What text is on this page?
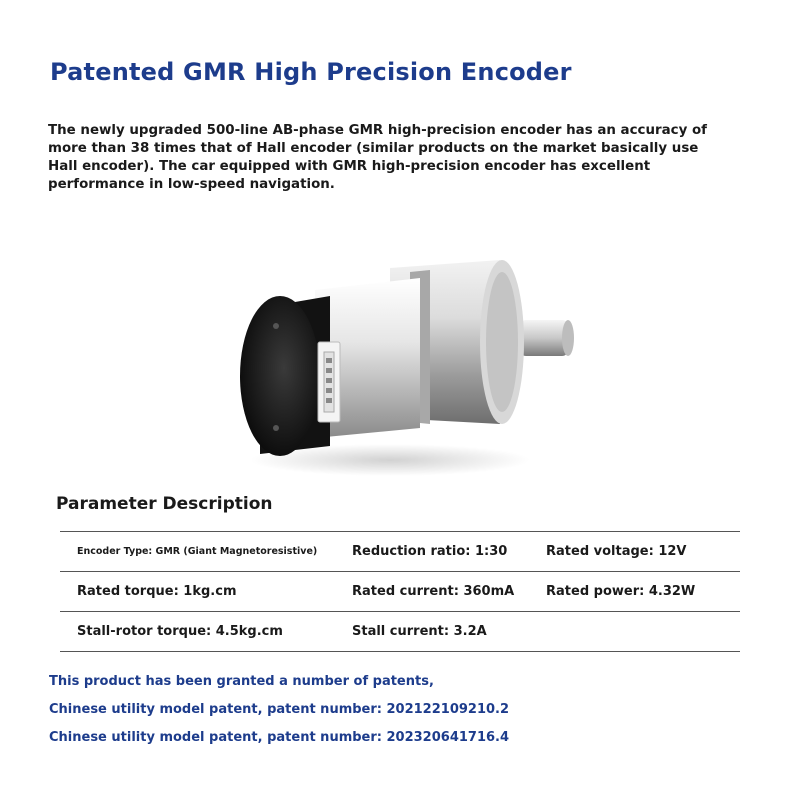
Patented GMR High Precision Encoder
The newly upgraded 500-line AB-phase GMR high-precision encoder has an accuracy of more than 38 times that of Hall encoder (similar products on the market basically use Hall encoder). The car equipped with GMR high-precision encoder has excellent performance in low-speed navigation.
Parameter Description
Encoder Type: GMR (Giant Magnetoresistive)	Reduction ratio: 1:30	Rated voltage: 12V
Rated torque: 1kg.cm	Rated current: 360mA	Rated power: 4.32W
Stall-rotor torque: 4.5kg.cm	Stall current: 3.2A
This product has been granted a number of patents,
Chinese utility model patent, patent number: 202122109210.2
Chinese utility model patent, patent number: 202320641716.4
